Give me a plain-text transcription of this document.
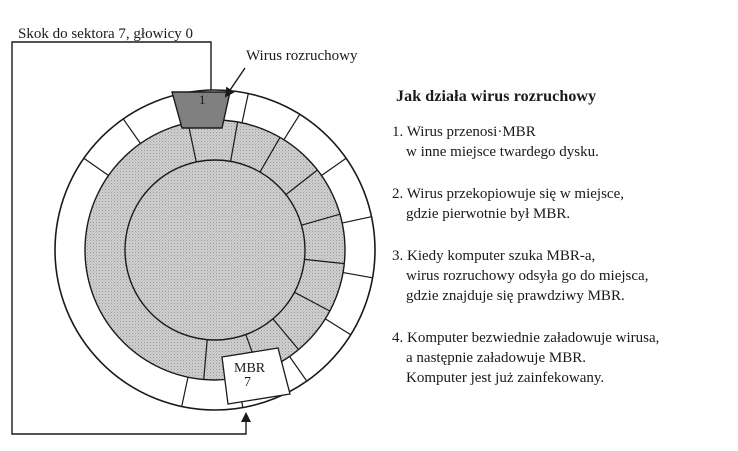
Skok do sektora 7, głowicy 0
1
Wirus rozruchowy
MBR
7
Jak działa wirus rozruchowy
1. Wirus przenosi·MBR
w inne miejsce twardego dysku.
2. Wirus przekopiowuje się w miejsce,
gdzie pierwotnie był MBR.
3. Kiedy komputer szuka MBR-a,
wirus rozruchowy odsyła go do miejsca,
gdzie znajduje się prawdziwy MBR.
4. Komputer bezwiednie załadowuje wirusa,
a następnie załadowuje MBR.
Komputer jest już zainfekowany.
